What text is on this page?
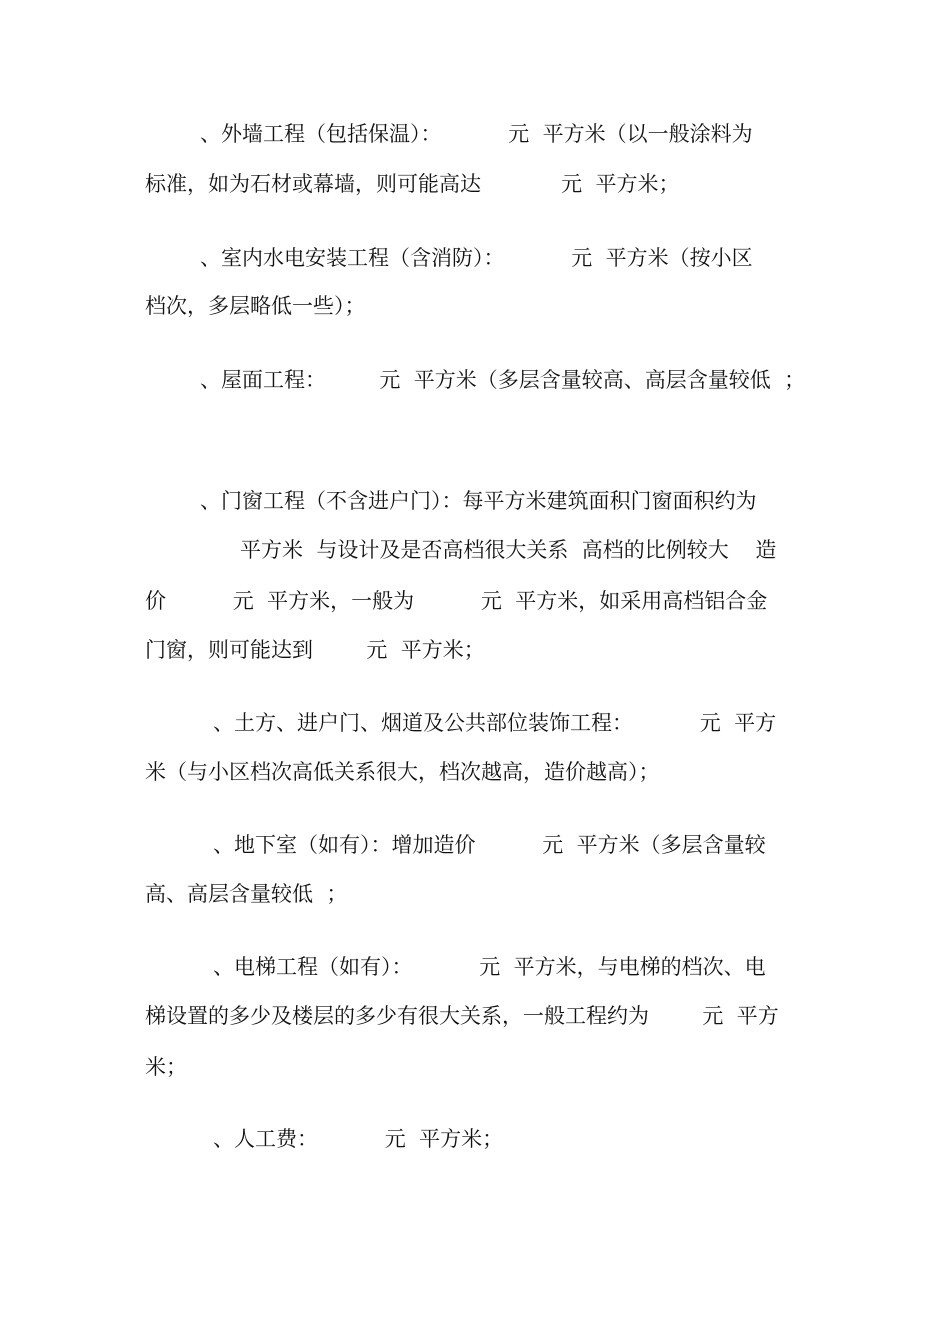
、外墙工程（包括保温）：          元  平方米（以一般涂料为
标准，如为石材或幕墙，则可能高达            元  平方米；
、室内水电安装工程（含消防）：          元  平方米（按小区
档次，多层略低一些）；
、屋面工程：        元  平方米（多层含量较高、高层含量较低  ；
、门窗工程（不含进户门）：每平方米建筑面积门窗面积约为
平方米  与设计及是否高档很大关系  高档的比例较大    造
价          元  平方米，一般为          元  平方米，如采用高档铝合金
门窗，则可能达到        元  平方米；
、土方、进户门、烟道及公共部位装饰工程：          元  平方
米（与小区档次高低关系很大，档次越高，造价越高）；
、地下室（如有）：增加造价          元  平方米（多层含量较
高、高层含量较低  ；
、电梯工程（如有）：          元  平方米，与电梯的档次、电
梯设置的多少及楼层的多少有很大关系，一般工程约为        元  平方
米；
、人工费：          元  平方米；
